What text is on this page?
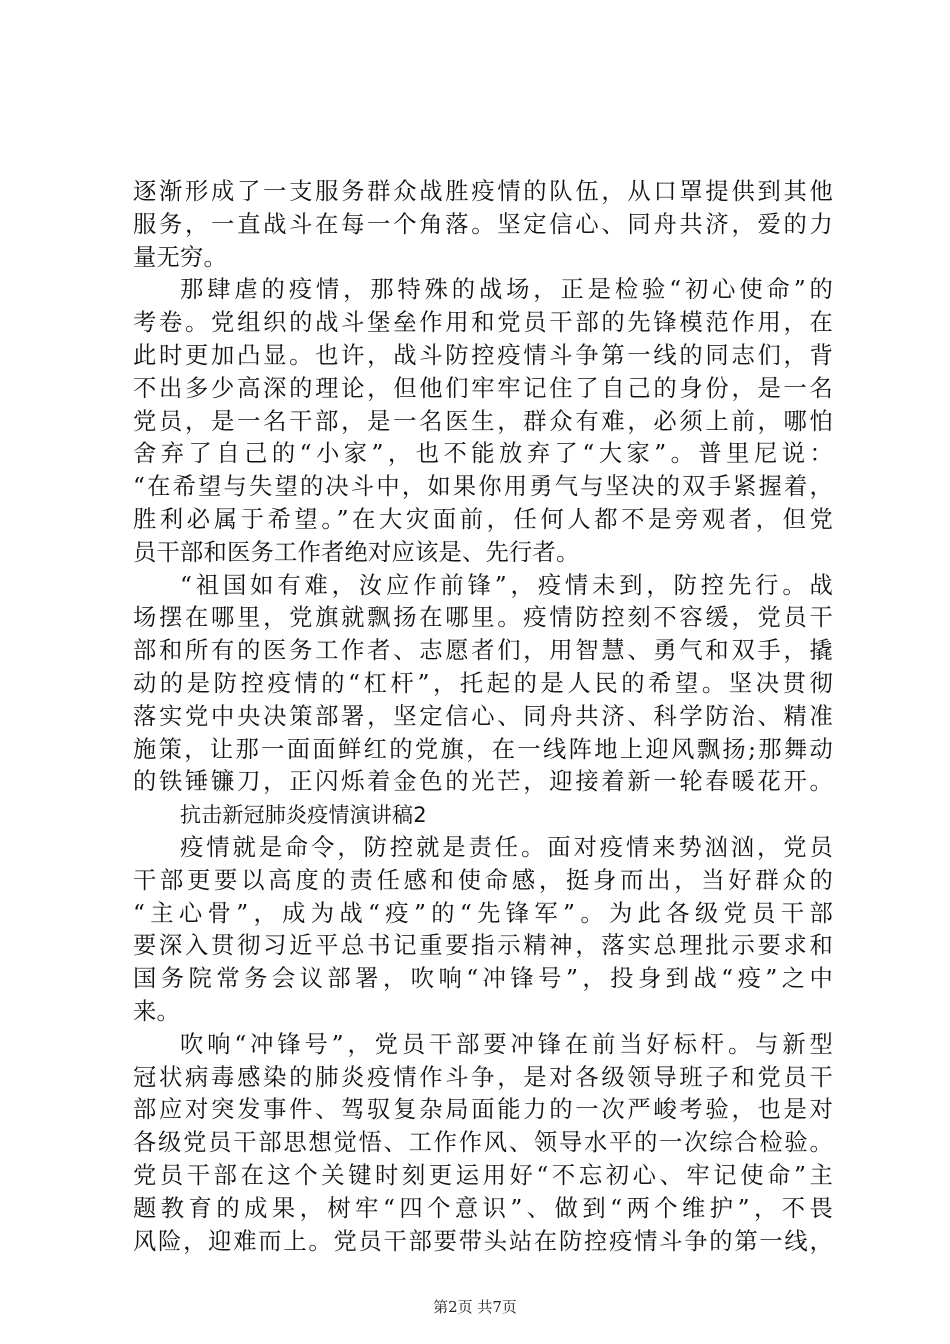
逐渐形成了一支服务群众战胜疫情的队伍，从口罩提供到其他
服务，一直战斗在每一个角落。坚定信心、同舟共济，爱的力
量无穷。
那肆虐的疫情，那特殊的战场，正是检验“初心使命”的
考卷。党组织的战斗堡垒作用和党员干部的先锋模范作用，在
此时更加凸显。也许，战斗防控疫情斗争第一线的同志们，背
不出多少高深的理论，但他们牢牢记住了自己的身份，是一名
党员，是一名干部，是一名医生，群众有难，必须上前，哪怕
舍弃了自己的“小家”，也不能放弃了“大家”。普里尼说：
“在希望与失望的决斗中，如果你用勇气与坚决的双手紧握着，
胜利必属于希望。”在大灾面前，任何人都不是旁观者，但党
员干部和医务工作者绝对应该是、先行者。
“祖国如有难，汝应作前锋”，疫情未到，防控先行。战
场摆在哪里，党旗就飘扬在哪里。疫情防控刻不容缓，党员干
部和所有的医务工作者、志愿者们，用智慧、勇气和双手，撬
动的是防控疫情的“杠杆”，托起的是人民的希望。坚决贯彻
落实党中央决策部署，坚定信心、同舟共济、科学防治、精准
施策，让那一面面鲜红的党旗，在一线阵地上迎风飘扬;那舞动
的铁锤镰刀，正闪烁着金色的光芒，迎接着新一轮春暖花开。
抗击新冠肺炎疫情演讲稿2
疫情就是命令，防控就是责任。面对疫情来势汹汹，党员
干部更要以高度的责任感和使命感，挺身而出，当好群众的
“主心骨”，成为战“疫”的“先锋军”。为此各级党员干部
要深入贯彻习近平总书记重要指示精神，落实总理批示要求和
国务院常务会议部署，吹响“冲锋号”，投身到战“疫”之中
来。
吹响“冲锋号”，党员干部要冲锋在前当好标杆。与新型
冠状病毒感染的肺炎疫情作斗争，是对各级领导班子和党员干
部应对突发事件、驾驭复杂局面能力的一次严峻考验，也是对
各级党员干部思想觉悟、工作作风、领导水平的一次综合检验。
党员干部在这个关键时刻更运用好“不忘初心、牢记使命”主
题教育的成果，树牢“四个意识”、做到“两个维护”，不畏
风险，迎难而上。党员干部要带头站在防控疫情斗争的第一线，
第2页 共7页
